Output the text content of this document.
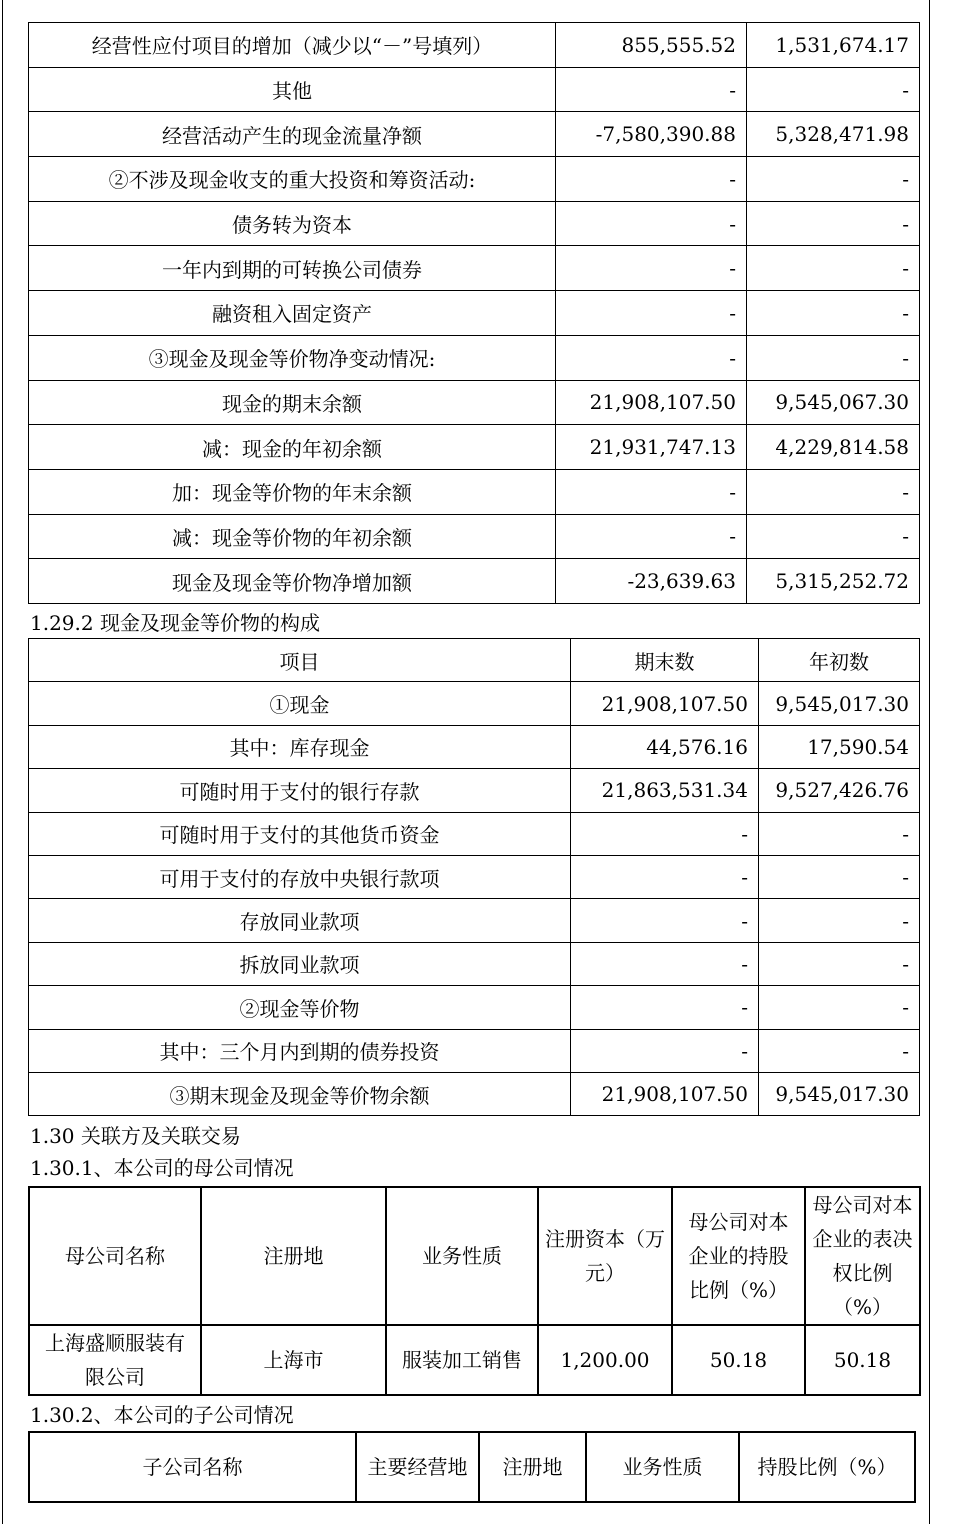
经营性应付项目的增加（减少以“－”号填列）	855,555.52	1,531,674.17
其他	-	-
经营活动产生的现金流量净额	-7,580,390.88	5,328,471.98
②不涉及现金收支的重大投资和筹资活动:	-	-
债务转为资本	-	-
一年内到期的可转换公司债券	-	-
融资租入固定资产	-	-
③现金及现金等价物净变动情况:	-	-
现金的期末余额	21,908,107.50	9,545,067.30
减：现金的年初余额	21,931,747.13	4,229,814.58
加：现金等价物的年末余额	-	-
减：现金等价物的年初余额	-	-
现金及现金等价物净增加额	-23,639.63	5,315,252.72
1.29.2 现金及现金等价物的构成
项目	期末数	年初数
①现金	21,908,107.50	9,545,017.30
其中：库存现金	44,576.16	17,590.54
可随时用于支付的银行存款	21,863,531.34	9,527,426.76
可随时用于支付的其他货币资金	-	-
可用于支付的存放中央银行款项	-	-
存放同业款项	-	-
拆放同业款项	-	-
②现金等价物	-	-
其中：三个月内到期的债券投资	-	-
③期末现金及现金等价物余额	21,908,107.50	9,545,017.30
1.30 关联方及关联交易
1.30.1、本公司的母公司情况
母公司名称	注册地	业务性质	注册资本（万元）	母公司对本企业的持股比例（%）	母公司对本企业的表决权比例（%）
上海盛顺服装有限公司	上海市	服装加工销售	1,200.00	50.18	50.18
1.30.2、本公司的子公司情况
子公司名称	主要经营地	注册地	业务性质	持股比例（%）
